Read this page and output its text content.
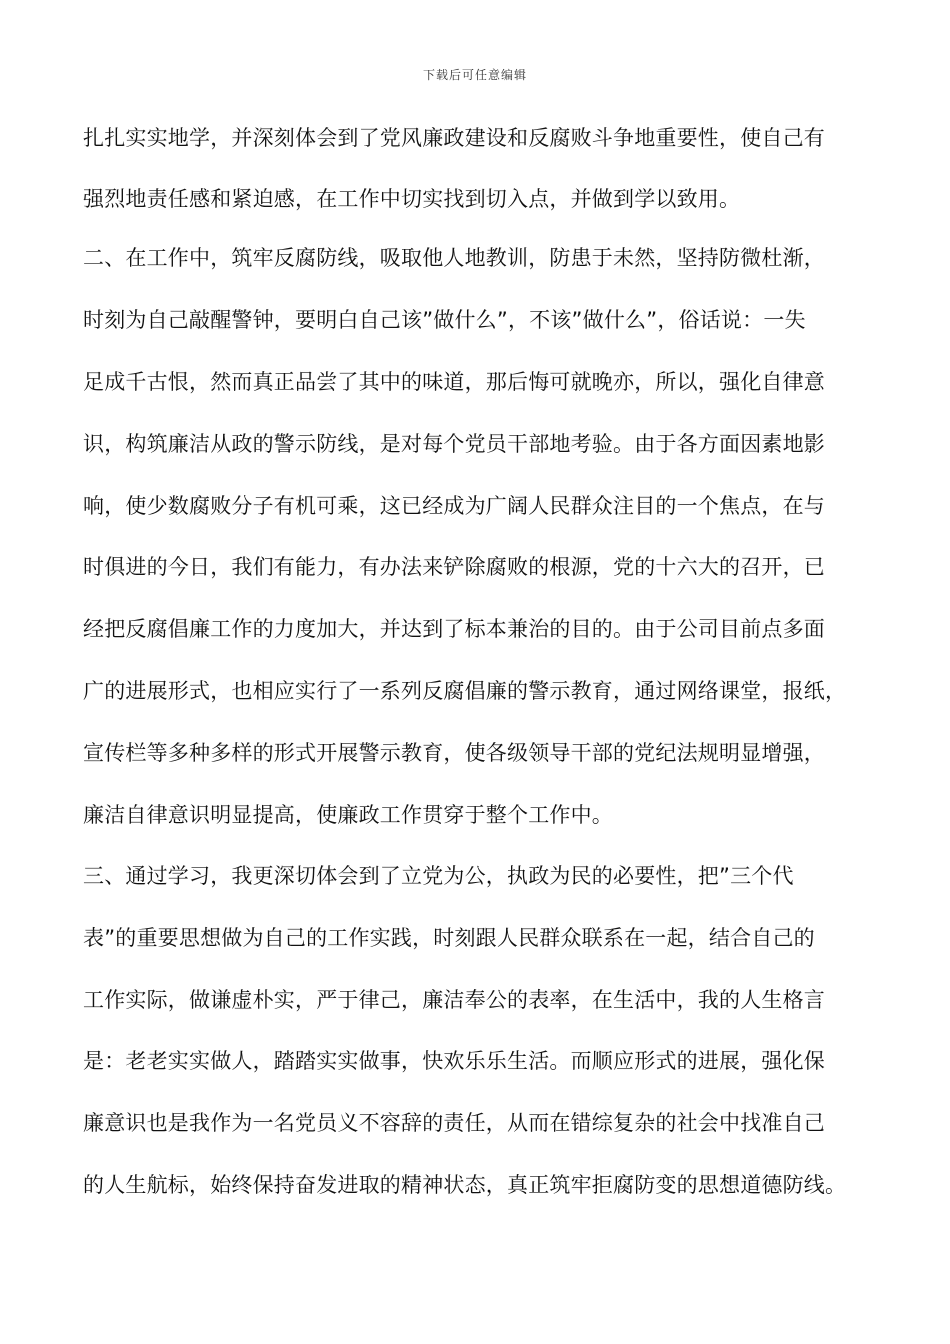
下载后可任意编辑
扎扎实实地学，并深刻体会到了党风廉政建设和反腐败斗争地重要性，使自己有
强烈地责任感和紧迫感，在工作中切实找到切入点，并做到学以致用。
二、在工作中，筑牢反腐防线，吸取他人地教训，防患于未然，坚持防微杜渐，
时刻为自己敲醒警钟，要明白自己该”做什么”，不该”做什么”，俗话说：一失
足成千古恨，然而真正品尝了其中的味道，那后悔可就晚亦，所以，强化自律意
识，构筑廉洁从政的警示防线，是对每个党员干部地考验。由于各方面因素地影
响，使少数腐败分子有机可乘，这已经成为广阔人民群众注目的一个焦点，在与
时俱进的今日，我们有能力，有办法来铲除腐败的根源，党的十六大的召开，已
经把反腐倡廉工作的力度加大，并达到了标本兼治的目的。由于公司目前点多面
广的进展形式，也相应实行了一系列反腐倡廉的警示教育，通过网络课堂，报纸，
宣传栏等多种多样的形式开展警示教育，使各级领导干部的党纪法规明显增强，
廉洁自律意识明显提高，使廉政工作贯穿于整个工作中。
三、通过学习，我更深切体会到了立党为公，执政为民的必要性，把”三个代
表”的重要思想做为自己的工作实践，时刻跟人民群众联系在一起，结合自己的
工作实际，做谦虚朴实，严于律己，廉洁奉公的表率，在生活中，我的人生格言
是：老老实实做人，踏踏实实做事，快欢乐乐生活。而顺应形式的进展，强化保
廉意识也是我作为一名党员义不容辞的责任，从而在错综复杂的社会中找准自己
的人生航标，始终保持奋发进取的精神状态，真正筑牢拒腐防变的思想道德防线。
